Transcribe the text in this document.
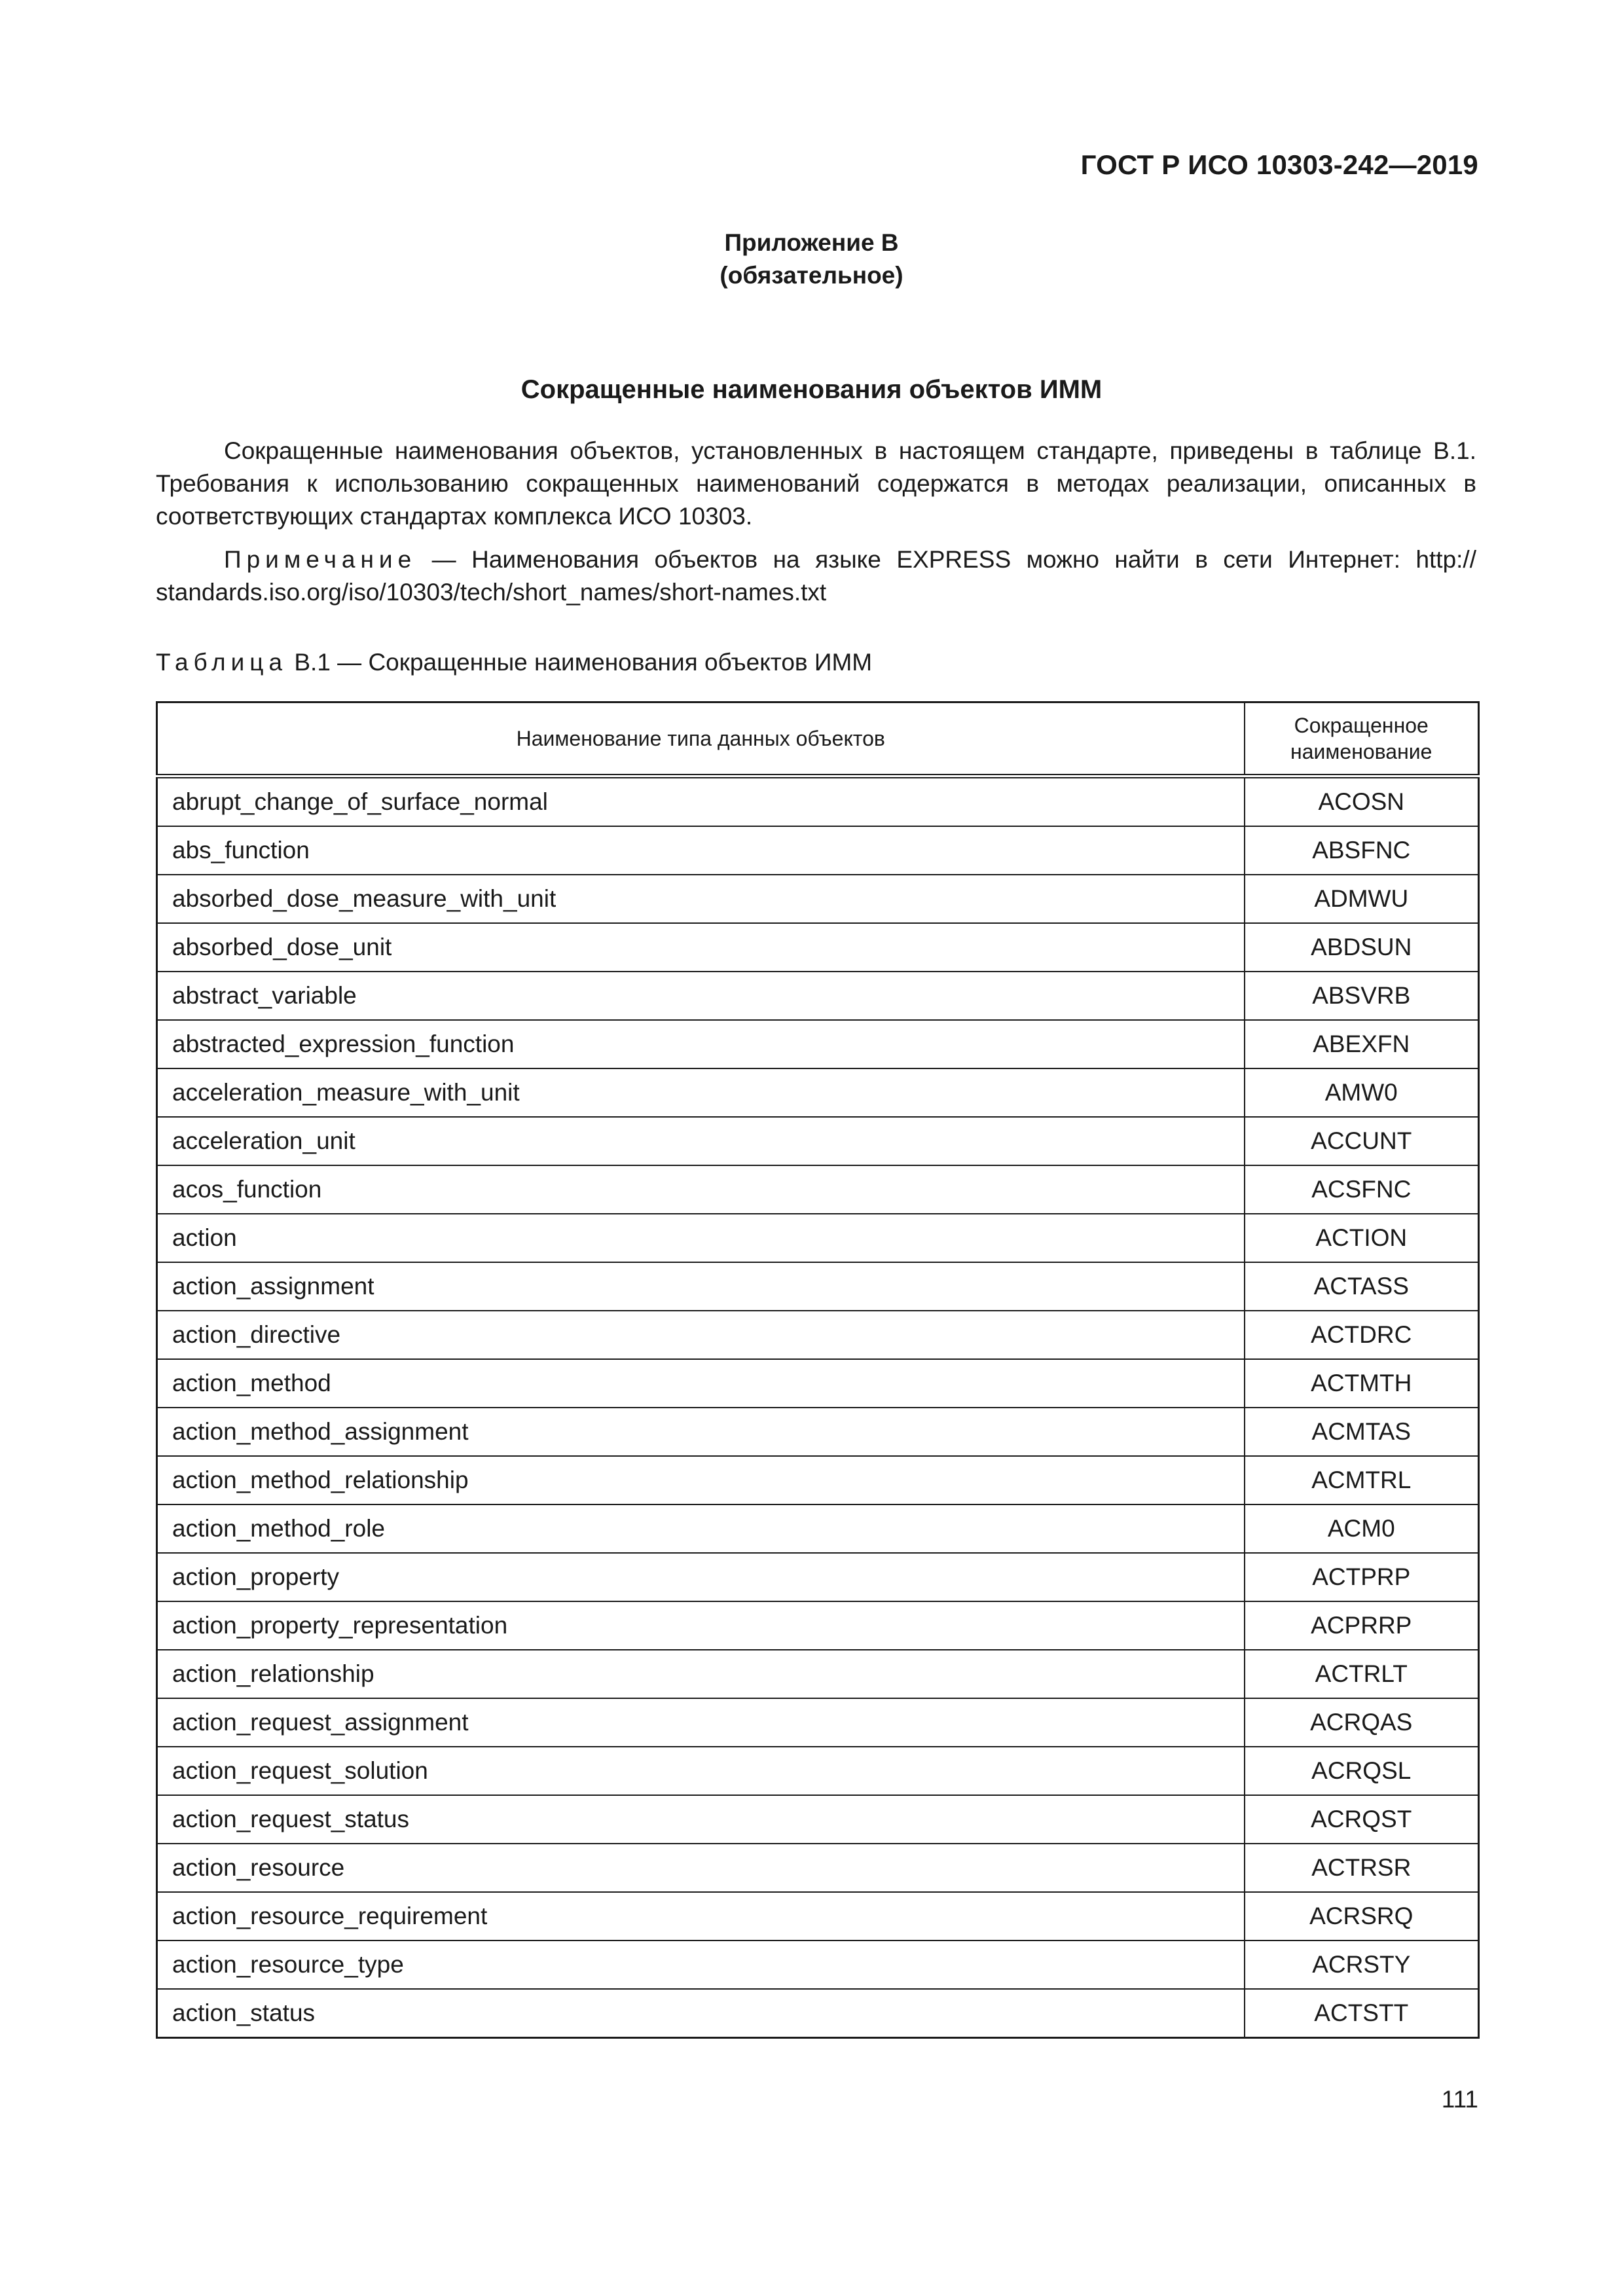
ГОСТ Р ИСО 10303-242—2019
Приложение В
(обязательное)
Сокращенные наименования объектов ИММ

Сокращенные наименования объектов, установленных в настоящем стандарте, приведены в таблице В.1. Требования к использованию сокращенных наименований содержатся в методах реализации, описанных в соответствующих стандартах комплекса ИСО 10303.

Примечание — Наименования объектов на языке EXPRESS можно найти в сети Интернет: http:// standards.iso.org/iso/10303/tech/short_names/short-names.txt

Таблица В.1 — Сокращенные наименования объектов ИММ
Наименование типа данных объектов	Сокращенное наименование
abrupt_change_of_surface_normal	ACOSN
abs_function	ABSFNC
absorbed_dose_measure_with_unit	ADMWU
absorbed_dose_unit	ABDSUN
abstract_variable	ABSVRB
abstracted_expression_function	ABEXFN
acceleration_measure_with_unit	AMW0
acceleration_unit	ACCUNT
acos_function	ACSFNC
action	ACTION
action_assignment	ACTASS
action_directive	ACTDRC
action_method	ACTMTH
action_method_assignment	ACMTAS
action_method_relationship	ACMTRL
action_method_role	ACM0
action_property	ACTPRP
action_property_representation	ACPRRP
action_relationship	ACTRLT
action_request_assignment	ACRQAS
action_request_solution	ACRQSL
action_request_status	ACRQST
action_resource	ACTRSR
action_resource_requirement	ACRSRQ
action_resource_type	ACRSTY
action_status	ACTSTT
111
